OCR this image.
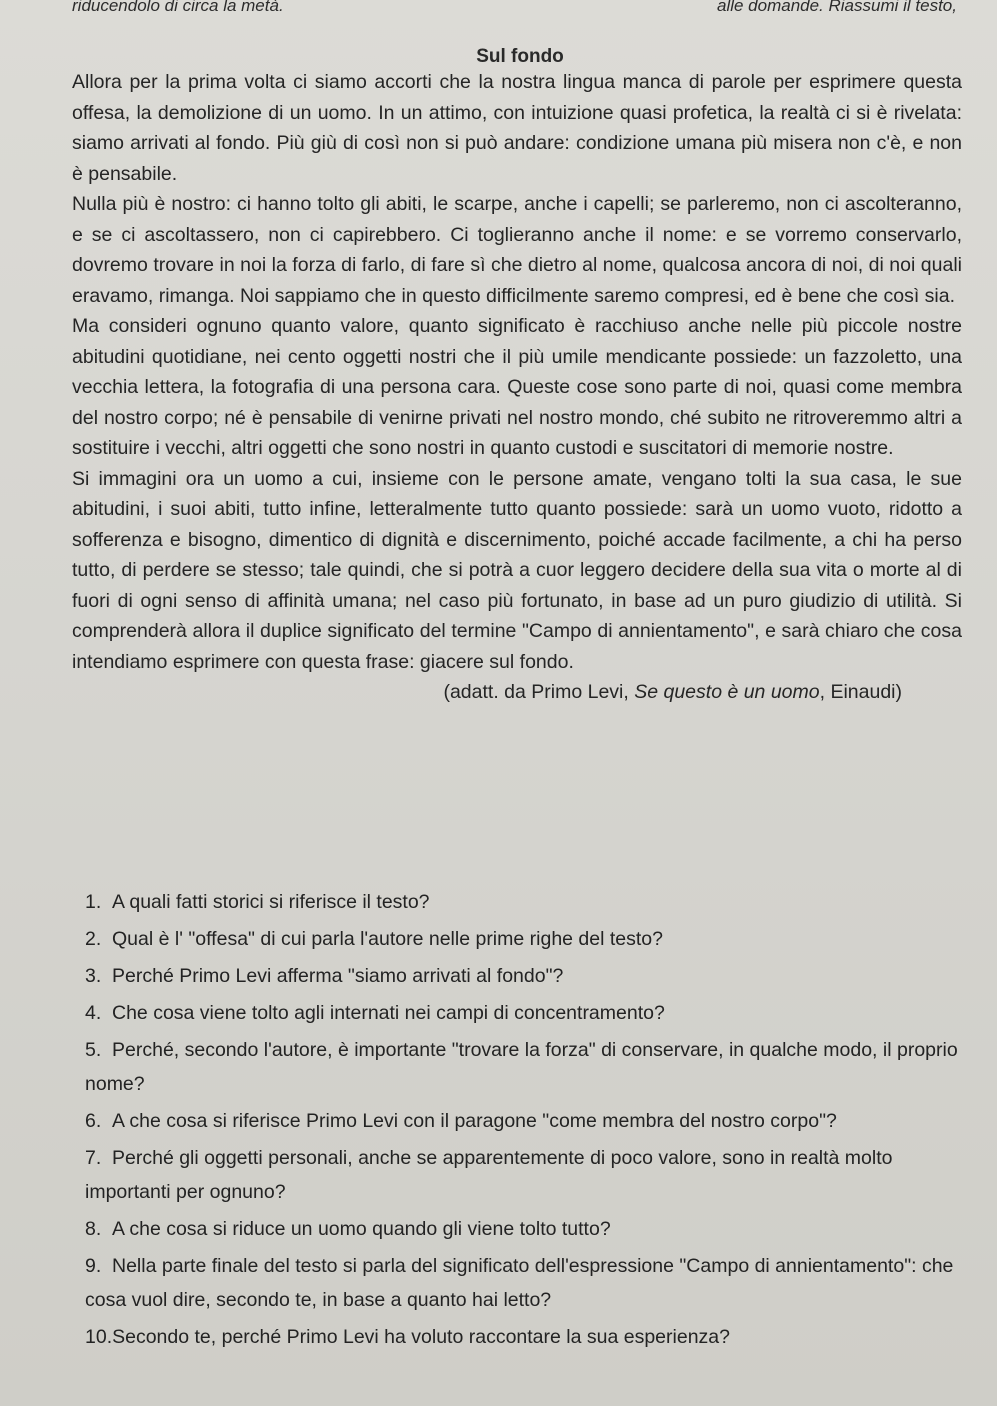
riducendolo di circa la metà.	alle domande. Riassumi il testo,
Sul fondo

Allora per la prima volta ci siamo accorti che la nostra lingua manca di parole per esprimere questa offesa, la demolizione di un uomo. In un attimo, con intuizione quasi profetica, la realtà ci si è rivelata: siamo arrivati al fondo. Più giù di così non si può andare: condizione umana più misera non c'è, e non è pensabile.

Nulla più è nostro: ci hanno tolto gli abiti, le scarpe, anche i capelli; se parleremo, non ci ascolteranno, e se ci ascoltassero, non ci capirebbero. Ci toglieranno anche il nome: e se vorremo conservarlo, dovremo trovare in noi la forza di farlo, di fare sì che dietro al nome, qualcosa ancora di noi, di noi quali eravamo, rimanga. Noi sappiamo che in questo difficilmente saremo compresi, ed è bene che così sia.

Ma consideri ognuno quanto valore, quanto significato è racchiuso anche nelle più piccole nostre abitudini quotidiane, nei cento oggetti nostri che il più umile mendicante possiede: un fazzoletto, una vecchia lettera, la fotografia di una persona cara. Queste cose sono parte di noi, quasi come membra del nostro corpo; né è pensabile di venirne privati nel nostro mondo, ché subito ne ritroveremmo altri a sostituire i vecchi, altri oggetti che sono nostri in quanto custodi e suscitatori di memorie nostre.

Si immagini ora un uomo a cui, insieme con le persone amate, vengano tolti la sua casa, le sue abitudini, i suoi abiti, tutto infine, letteralmente tutto quanto possiede: sarà un uomo vuoto, ridotto a sofferenza e bisogno, dimentico di dignità e discernimento, poiché accade facilmente, a chi ha perso tutto, di perdere se stesso; tale quindi, che si potrà a cuor leggero decidere della sua vita o morte al di fuori di ogni senso di affinità umana; nel caso più fortunato, in base ad un puro giudizio di utilità. Si comprenderà allora il duplice significato del termine "Campo di annientamento", e sarà chiaro che cosa intendiamo esprimere con questa frase: giacere sul fondo.
(adatt. da Primo Levi, Se questo è un uomo, Einaudi)

1. A quali fatti storici si riferisce il testo?
2. Qual è l' "offesa" di cui parla l'autore nelle prime righe del testo?
3. Perché Primo Levi afferma "siamo arrivati al fondo"?
4. Che cosa viene tolto agli internati nei campi di concentramento?
5. Perché, secondo l'autore, è importante "trovare la forza" di conservare, in qualche modo, il proprio nome?
6. A che cosa si riferisce Primo Levi con il paragone "come membra del nostro corpo"?
7. Perché gli oggetti personali, anche se apparentemente di poco valore, sono in realtà molto importanti per ognuno?
8. A che cosa si riduce un uomo quando gli viene tolto tutto?
9. Nella parte finale del testo si parla del significato dell'espressione "Campo di annientamento": che cosa vuol dire, secondo te, in base a quanto hai letto?
10.Secondo te, perché Primo Levi ha voluto raccontare la sua esperienza?
